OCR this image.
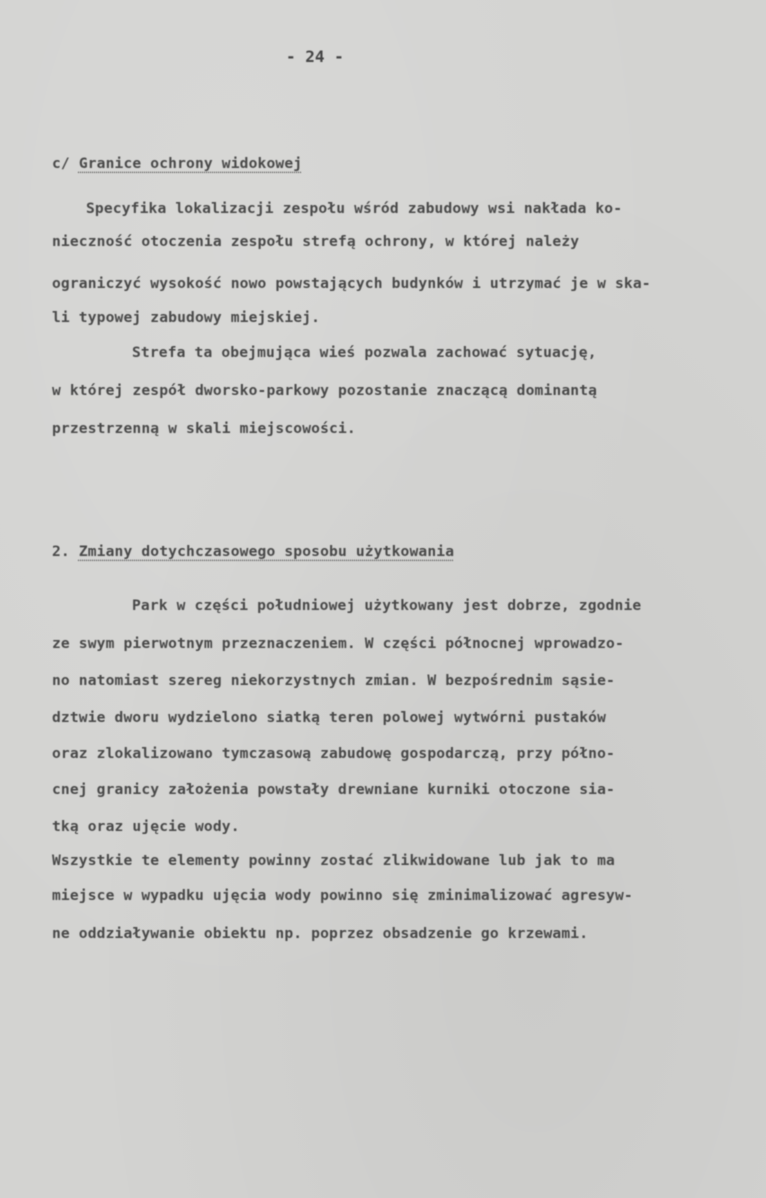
- 24 -
c/ Granice ochrony widokowej
Specyfika lokalizacji zespołu wśród zabudowy wsi nakłada ko-
nieczność otoczenia zespołu strefą ochrony, w której należy
ograniczyć wysokość nowo powstających budynków i utrzymać je w ska-
li typowej zabudowy miejskiej.
Strefa ta obejmująca wieś pozwala zachować sytuację,
w której zespół dworsko-parkowy pozostanie znaczącą dominantą
przestrzenną w skali miejscowości.
2. Zmiany dotychczasowego sposobu użytkowania
Park w części południowej użytkowany jest dobrze, zgodnie
ze swym pierwotnym przeznaczeniem. W części północnej wprowadzo-
no natomiast szereg niekorzystnych zmian. W bezpośrednim sąsie-
dztwie dworu wydzielono siatką teren polowej wytwórni pustaków
oraz zlokalizowano tymczasową zabudowę gospodarczą, przy półno-
cnej granicy założenia powstały drewniane kurniki otoczone sia-
tką oraz ujęcie wody.
Wszystkie te elementy powinny zostać zlikwidowane lub jak to ma
miejsce w wypadku ujęcia wody powinno się zminimalizować agresyw-
ne oddziaływanie obiektu np. poprzez obsadzenie go krzewami.
